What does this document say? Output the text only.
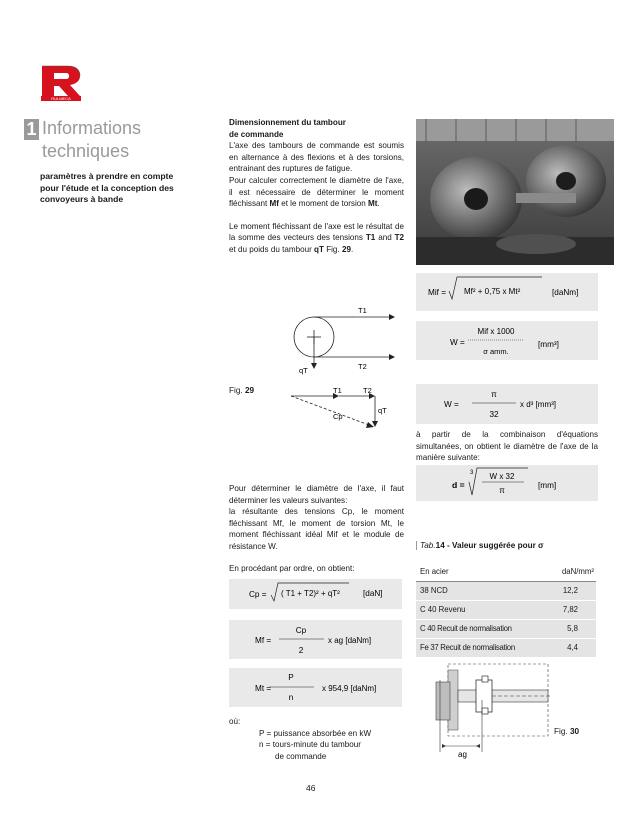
RULMECA
1 Informations
techniques
paramètres à prendre en compte pour l'étude et la conception des convoyeurs à bande
Dimensionnement du tambour
de commande
L'axe des tambours de commande est soumis en alternance à des flexions et à des torsions, entrainant des ruptures de fatigue.
Pour calculer correctement le diamètre de l'axe, il est nécessaire de déterminer le moment fléchissant Mf et le moment de torsion Mt.
Le moment fléchissant de l'axe est le résultat de la somme des vecteurs des tensions T1 and T2 et du poids du tambour qT Fig. 29.
T1
T2
qT
Fig. 29	T1	T2
Cp
qT
Pour déterminer le diamètre de l'axe, il faut déterminer les valeurs suivantes:
la résultante des tensions Cp, le moment fléchissant Mf, le moment de torsion Mt, le moment fléchissant idéal Mif et le module de résistance W.
En procédant par ordre, on obtient:
Cp = ( T1 + T2)² + qT²	[daN]
Mf =
Cp
2
x ag [daNm]
Mt =
P
n
x 954,9 [daNm]
où:
P = puissance absorbée en kW
n = tours-minute du tambour
de commande
Mif = Mf² + 0,75 x Mt²	[daNm]
W =
Mif x 1000
σ amm.
[mm³]
W =
π
32
x d³ [mm³]
à partir de la combinaison d'équations simultanées, on obtient le diamètre de l'axe de la manière suivante:
d =
3 W x 32
π
[mm]
Tab.14 - Valeur suggérée pour σ
En acier	daN/mm²
38 NCD	12,2
C 40 Revenu	7,82
C 40 Recuit de normalisation	5,8
Fe 37 Recuit de normalisation	4,4
ag
Fig. 30
46
